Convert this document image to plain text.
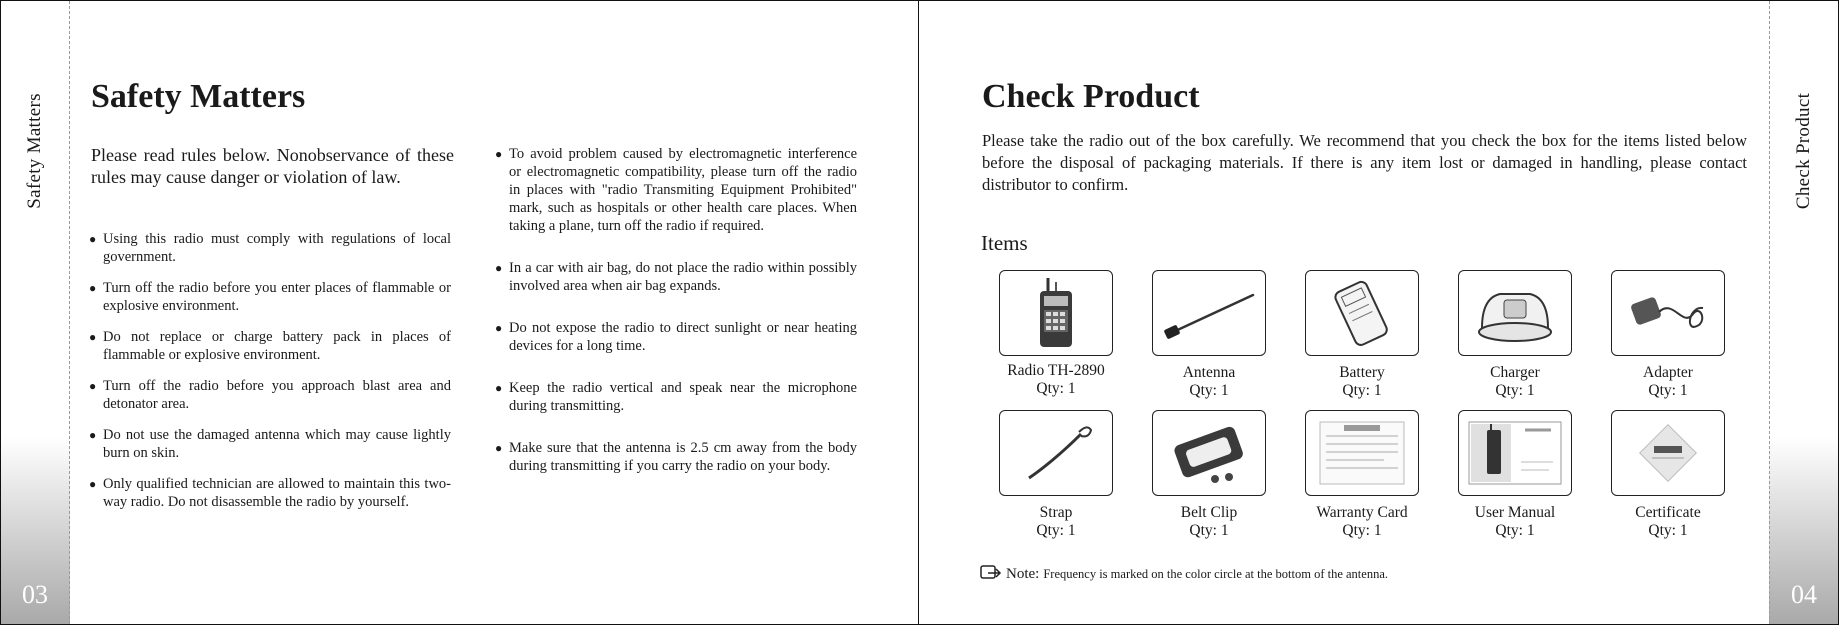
Safety Matters
03
Check Product
04
Safety Matters

Please read rules below. Nonobservance of these rules may cause danger or violation of law.

● Using this radio must comply with regulations of local government.
● Turn off the radio before you enter places of flammable or explosive environment.
● Do not replace or charge battery pack in places of flammable or explosive environment.
● Turn off the radio before you approach blast area and detonator area.
● Do not use the damaged antenna which may cause lightly burn on skin.
● Only qualified technician are allowed to maintain this two-way radio. Do not disassemble the radio by yourself.
● To avoid problem caused by electromagnetic interference or electromagnetic compatibility, please turn off the radio in places with "radio Transmiting Equipment Prohibited" mark, such as hospitals or other health care places. When taking a plane, turn off the radio if required.
● In a car with air bag, do not place the radio within possibly involved area when air bag expands.
● Do not expose the radio to direct sunlight or near heating devices for a long time.
● Keep the radio vertical and speak near the microphone during transmitting.
● Make sure that the antenna is 2.5 cm away from the body during transmitting if you carry the radio on your body.
Check Product

Please take the radio out of the box carefully. We recommend that you check the box for the items listed below before the disposal of packaging materials. If there is any item lost or damaged in handling, please contact distributor to confirm.

Items
Radio TH-2890
Qty: 1
Antenna
Qty: 1
Battery
Qty: 1
Charger
Qty: 1
Adapter
Qty: 1
Strap
Qty: 1
Belt Clip
Qty: 1
Warranty Card
Qty: 1
User Manual
Qty: 1
Certificate
Qty: 1
Note: Frequency is marked on the color circle at the bottom of the antenna.
